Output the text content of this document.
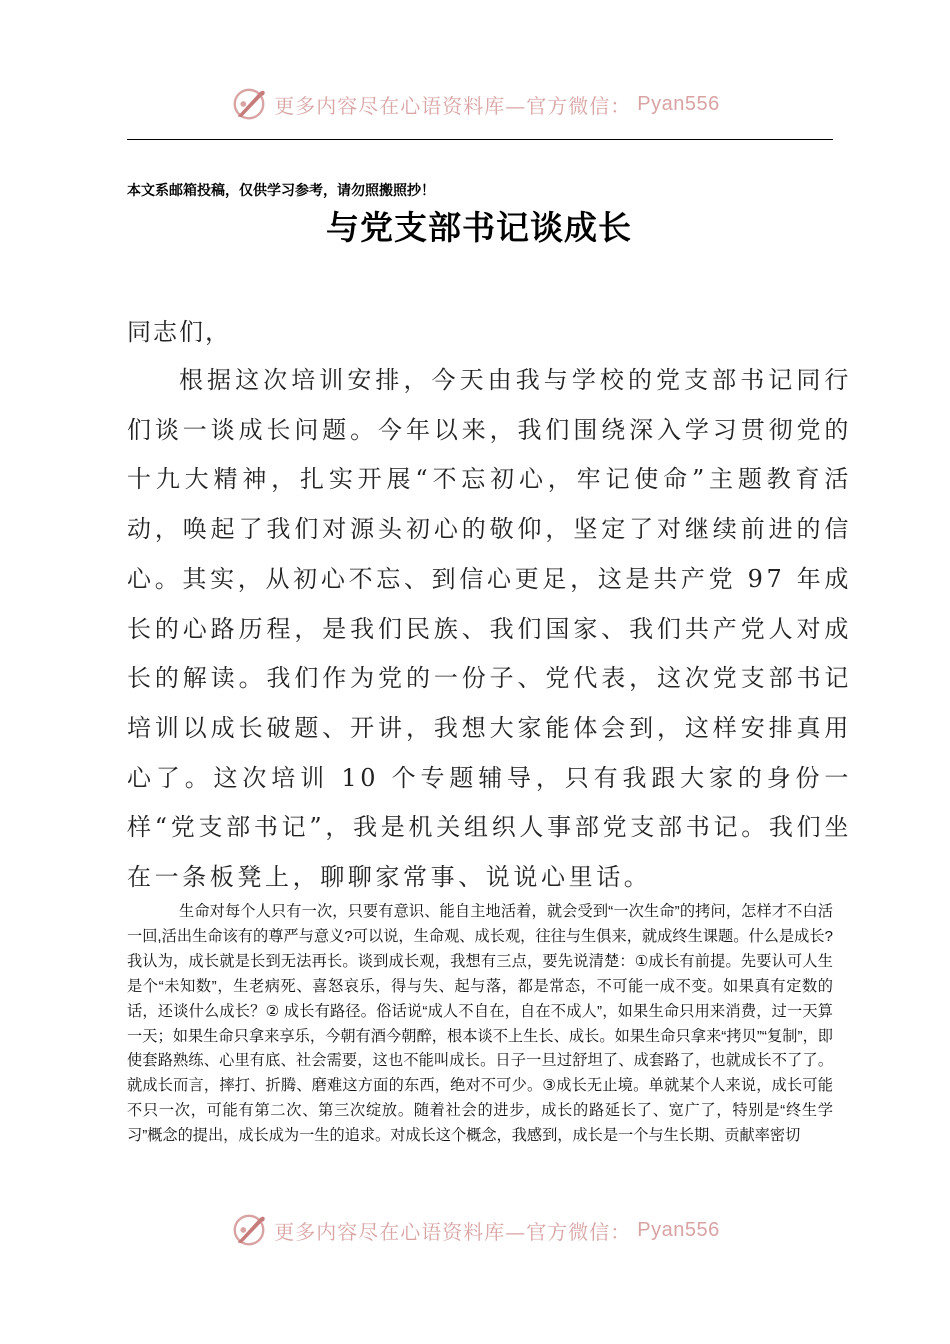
更多内容尽在心语资料库—官方微信： Pyan556
本文系邮箱投稿，仅供学习参考，请勿照搬照抄！
与党支部书记谈成长
同志们，

根据这次培训安排，今天由我与学校的党支部书记同行们谈一谈成长问题。今年以来，我们围绕深入学习贯彻党的十九大精神，扎实开展“不忘初心，牢记使命”主题教育活动，唤起了我们对源头初心的敬仰，坚定了对继续前进的信心。其实，从初心不忘、到信心更足，这是共产党 97 年成长的心路历程，是我们民族、我们国家、我们共产党人对成长的解读。我们作为党的一份子、党代表，这次党支部书记培训以成长破题、开讲，我想大家能体会到，这样安排真用心了。这次培训 10 个专题辅导，只有我跟大家的身份一样“党支部书记”，我是机关组织人事部党支部书记。我们坐在一条板凳上，聊聊家常事、说说心里话。

生命对每个人只有一次，只要有意识、能自主地活着，就会受到“一次生命”的拷问，怎样才不白活一回,活出生命该有的尊严与意义?可以说，生命观、成长观，往往与生俱来，就成终生课题。什么是成长?我认为，成长就是长到无法再长。谈到成长观，我想有三点，要先说清楚：①成长有前提。先要认可人生是个“未知数”，生老病死、喜怒哀乐，得与失、起与落，都是常态，不可能一成不变。如果真有定数的话，还谈什么成长？② 成长有路径。俗话说“成人不自在，自在不成人”，如果生命只用来消费，过一天算一天；如果生命只拿来享乐，今朝有酒今朝醉，根本谈不上生长、成长。如果生命只拿来“拷贝”“复制”，即使套路熟练、心里有底、社会需要，这也不能叫成长。日子一旦过舒坦了、成套路了，也就成长不了了。就成长而言，摔打、折腾、磨难这方面的东西，绝对不可少。③成长无止境。单就某个人来说，成长可能不只一次，可能有第二次、第三次绽放。随着社会的进步，成长的路延长了、宽广了，特别是“终生学习”概念的提出，成长成为一生的追求。对成长这个概念，我感到，成长是一个与生长期、贡献率密切

更多内容尽在心语资料库—官方微信： Pyan556
